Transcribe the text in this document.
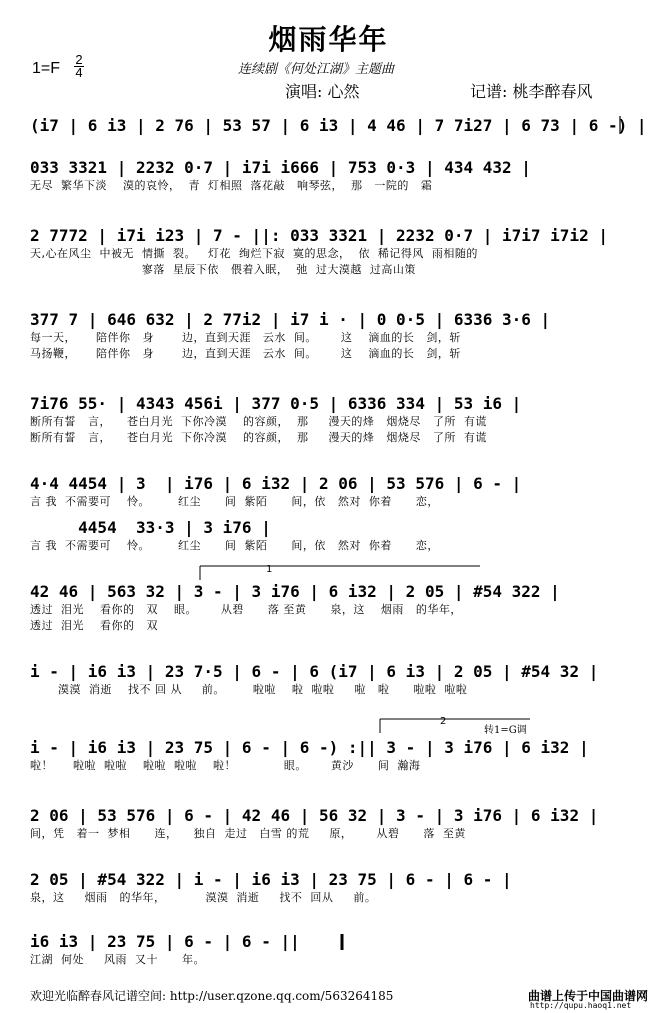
烟雨华年
1=F
2
4	连续剧《何处江湖》主题曲
演唱: 心然	记谱: 桃李醉春风
(i7 | 6 i3 | 2 76 | 53 57 | 6 i3 | 4 46 | 7 7i27 | 6 73 | 6 -) |
033 3321 | 2232 0·7 | i7i i666 | 753 0·3 | 434 432 |
无尽  繁华下淡    漠的哀怜，  青  灯相照  落花敲   响琴弦，  那   一院的   霜
2 7772 | i7i i23 | 7 - ||: 033 3321 | 2232 0·7 | i7i7 i7i2 |
天,心在风尘  中被无  情撕  裂。   灯花  绚烂下寂  寞的思念，  依  稀记得风  雨相随的
寥落  星辰下依   偎着入眠，  弛  过大漠越  过高山策
377 7 | 646 632 | 2 77i2 | i7 i · | 0 0·5 | 6336 3·6 |
每一天，     陪伴你   身       边，直到天涯   云水  间。      这    滴血的长   剑，斩
马扬鞭，     陪伴你   身       边，直到天涯   云水  间。      这    滴血的长   剑，斩
7i76 55· | 4343 456i | 377 0·5 | 6336 334 | 53 i6 |
断所有誓   言，    苍白月光  下你冷漠    的容颜，  那     漫天的烽   烟烧尽   了所  有谎
断所有誓   言，    苍白月光  下你冷漠    的容颜，  那     漫天的烽   烟烧尽   了所  有谎
4·4 4454 | 3  | i76 | 6 i32 | 2 06 | 53 576 | 6 - |
言 我  不需要可    怜。       红尘      间  紫陌      间，依   然对  你着      恋，
4454  33·3 | 3 i76 |
言 我  不需要可    怜。       红尘      间  紫陌      间，依   然对  你着      恋，
42 46 | 563 32 | 3 - | 3 i76 | 6 i32 | 2 05 | #54 322 |
透过  泪光    看你的   双    眼。      从碧      落 至黄      泉，这    烟雨   的华年，
透过  泪光    看你的   双
i - | i6 i3 | 23 7·5 | 6 - | 6 (i7 | 6 i3 | 2 05 | #54 32 |
漠漠  消逝    找不 回 从     前。       啦啦    啦  啦啦     啦   啦      啦啦  啦啦
i - | i6 i3 | 23 75 | 6 - | 6 -) :|| 3 - | 3 i76 | 6 i32 |
啦！     啦啦  啦啦    啦啦  啦啦    啦！            眼。      黄沙      间  瀚海
2 06 | 53 576 | 6 - | 42 46 | 56 32 | 3 - | 3 i76 | 6 i32 |
间，凭   着一  梦相      连，    独自  走过   白雪 的荒     原，      从碧      落  至黄
2 05 | #54 322 | i - | i6 i3 | 23 75 | 6 - | 6 - |
泉，这     烟雨   的华年，          漠漠  消逝     找不  回从     前。
i6 i3 | 23 75 | 6 - | 6 - ||
江湖  何处     风雨  又十      年。
1
2
转1=G调
欢迎光临醉春风记谱空间: http://user.qzone.qq.com/563264185	曲谱上传于中国曲谱网
http://qupu.haoq1.net
